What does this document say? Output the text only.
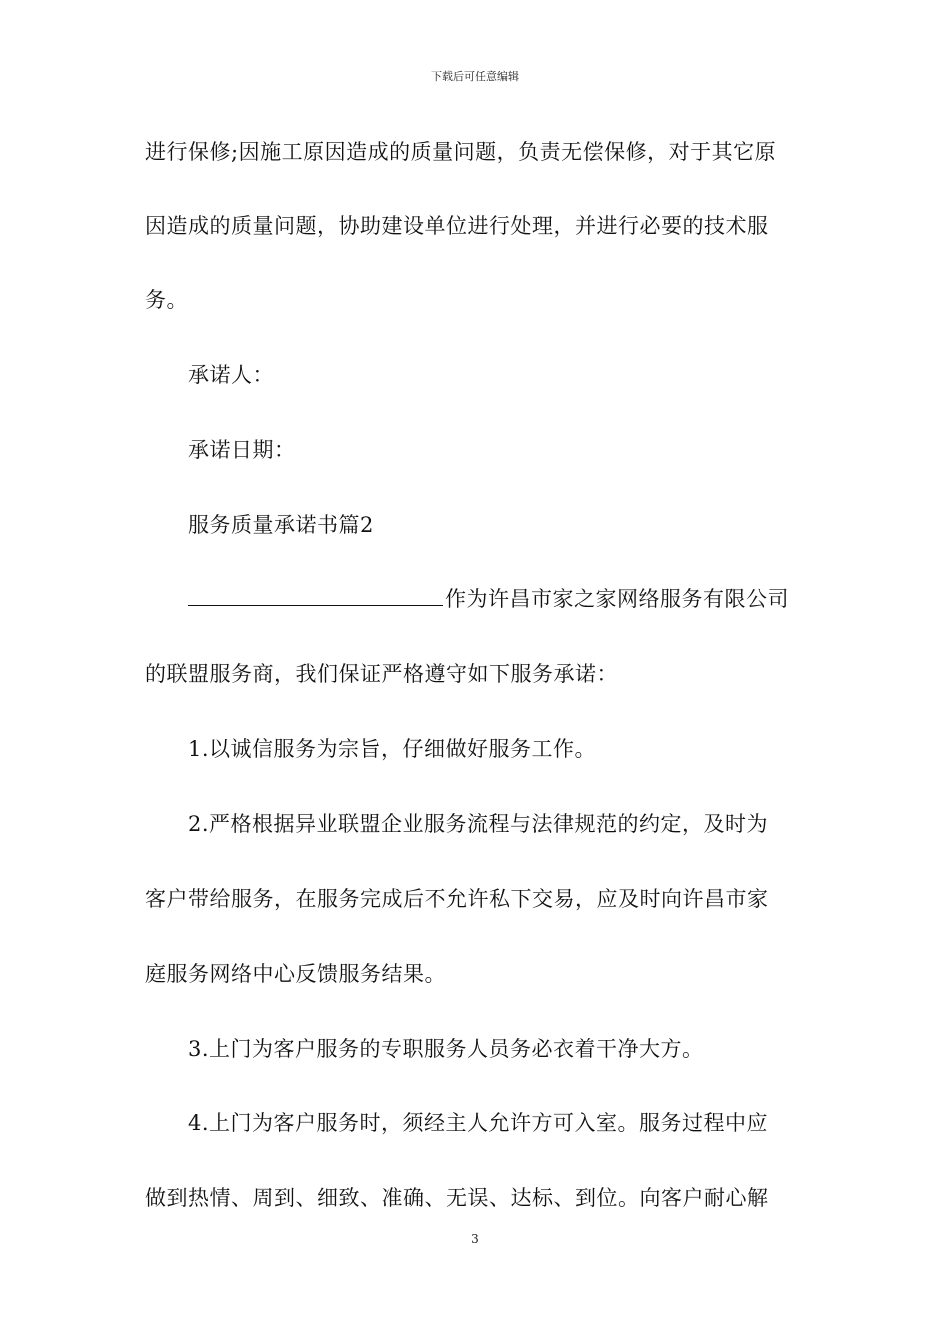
下载后可任意编辑
进行保修;因施工原因造成的质量问题，负责无偿保修，对于其它原
因造成的质量问题，协助建设单位进行处理，并进行必要的技术服
务。
承诺人：
承诺日期：
服务质量承诺书篇2
作为许昌市家之家网络服务有限公司
的联盟服务商，我们保证严格遵守如下服务承诺：
1.以诚信服务为宗旨，仔细做好服务工作。
2.严格根据异业联盟企业服务流程与法律规范的约定，及时为
客户带给服务，在服务完成后不允许私下交易，应及时向许昌市家
庭服务网络中心反馈服务结果。
3.上门为客户服务的专职服务人员务必衣着干净大方。
4.上门为客户服务时，须经主人允许方可入室。服务过程中应
做到热情、周到、细致、准确、无误、达标、到位。向客户耐心解
3
